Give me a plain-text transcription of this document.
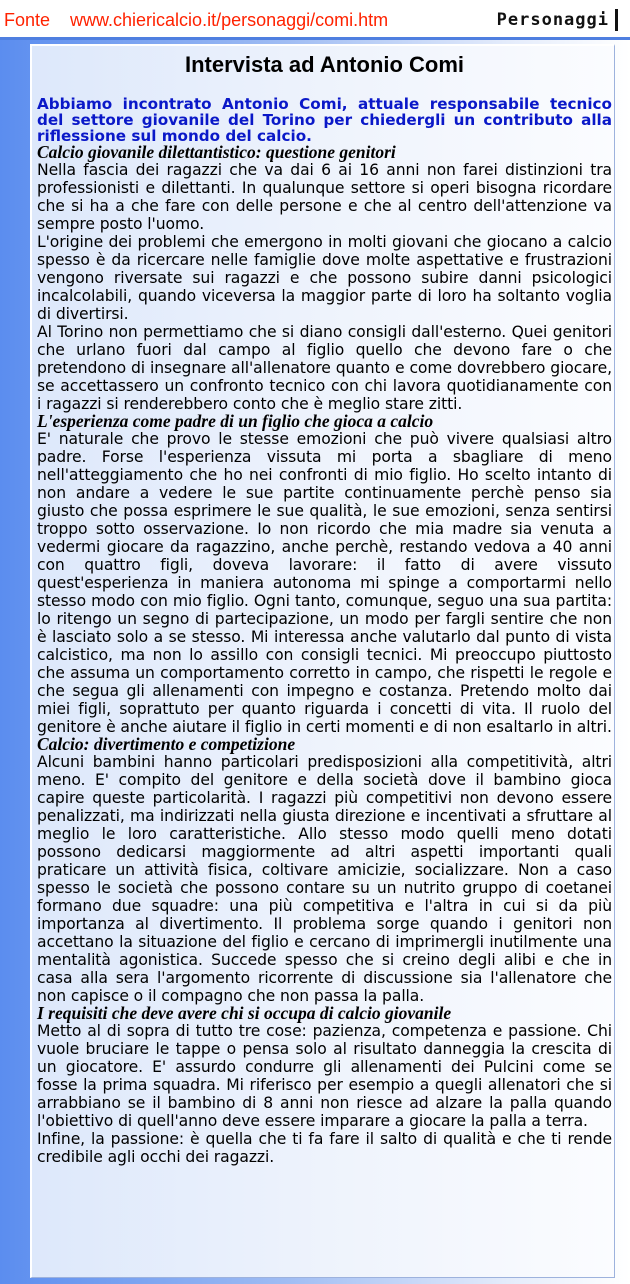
Fonte www.chiericalcio.it/personaggi/comi.htm	Personaggi
Intervista ad Antonio Comi

Abbiamo incontrato Antonio Comi, attuale responsabile tecnico del settore giovanile del Torino per chiedergli un contributo alla riflessione sul mondo del calcio.

Calcio giovanile dilettantistico: questione genitori

Nella fascia dei ragazzi che va dai 6 ai 16 anni non farei distinzioni tra professionisti e dilettanti. In qualunque settore si operi bisogna ricordare che si ha a che fare con delle persone e che al centro dell'attenzione va sempre posto l'uomo.

L'origine dei problemi che emergono in molti giovani che giocano a calcio spesso è da ricercare nelle famiglie dove molte aspettative e frustrazioni vengono riversate sui ragazzi e che possono subire danni psicologici incalcolabili, quando viceversa la maggior parte di loro ha soltanto voglia di divertirsi.

Al Torino non permettiamo che si diano consigli dall'esterno. Quei genitori che urlano fuori dal campo al figlio quello che devono fare o che pretendono di insegnare all'allenatore quanto e come dovrebbero giocare, se accettassero un confronto tecnico con chi lavora quotidianamente con i ragazzi si renderebbero conto che è meglio stare zitti.

L'esperienza come padre di un figlio che gioca a calcio

E' naturale che provo le stesse emozioni che può vivere qualsiasi altro padre. Forse l'esperienza vissuta mi porta a sbagliare di meno nell'atteggiamento che ho nei confronti di mio figlio. Ho scelto intanto di non andare a vedere le sue partite continuamente perchè penso sia giusto che possa esprimere le sue qualità, le sue emozioni, senza sentirsi troppo sotto osservazione. Io non ricordo che mia madre sia venuta a vedermi giocare da ragazzino, anche perchè, restando vedova a 40 anni con quattro figli, doveva lavorare: il fatto di avere vissuto quest'esperienza in maniera autonoma mi spinge a comportarmi nello stesso modo con mio figlio. Ogni tanto, comunque, seguo una sua partita: lo ritengo un segno di partecipazione, un modo per fargli sentire che non è lasciato solo a se stesso. Mi interessa anche valutarlo dal punto di vista calcistico, ma non lo assillo con consigli tecnici. Mi preoccupo piuttosto che assuma un comportamento corretto in campo, che rispetti le regole e che segua gli allenamenti con impegno e costanza. Pretendo molto dai miei figli, soprattuto per quanto riguarda i concetti di vita. Il ruolo del genitore è anche aiutare il figlio in certi momenti e di non esaltarlo in altri.

Calcio: divertimento e competizione

Alcuni bambini hanno particolari predisposizioni alla competitività, altri meno. E' compito del genitore e della società dove il bambino gioca capire queste particolarità. I ragazzi più competitivi non devono essere penalizzati, ma indirizzati nella giusta direzione e incentivati a sfruttare al meglio le loro caratteristiche. Allo stesso modo quelli meno dotati possono dedicarsi maggiormente ad altri aspetti importanti quali praticare un attività fisica, coltivare amicizie, socializzare. Non a caso spesso le società che possono contare su un nutrito gruppo di coetanei formano due squadre: una più competitiva e l'altra in cui si da più importanza al divertimento. Il problema sorge quando i genitori non accettano la situazione del figlio e cercano di imprimergli inutilmente una mentalità agonistica. Succede spesso che si creino degli alibi e che in casa alla sera l'argomento ricorrente di discussione sia l'allenatore che non capisce o il compagno che non passa la palla.

I requisiti che deve avere chi si occupa di calcio giovanile

Metto al di sopra di tutto tre cose: pazienza, competenza e passione. Chi vuole bruciare le tappe o pensa solo al risultato danneggia la crescita di un giocatore. E' assurdo condurre gli allenamenti dei Pulcini come se fosse la prima squadra. Mi riferisco per esempio a quegli allenatori che si arrabbiano se il bambino di 8 anni non riesce ad alzare la palla quando l'obiettivo di quell'anno deve essere imparare a giocare la palla a terra.

Infine, la passione: è quella che ti fa fare il salto di qualità e che ti rende credibile agli occhi dei ragazzi.
